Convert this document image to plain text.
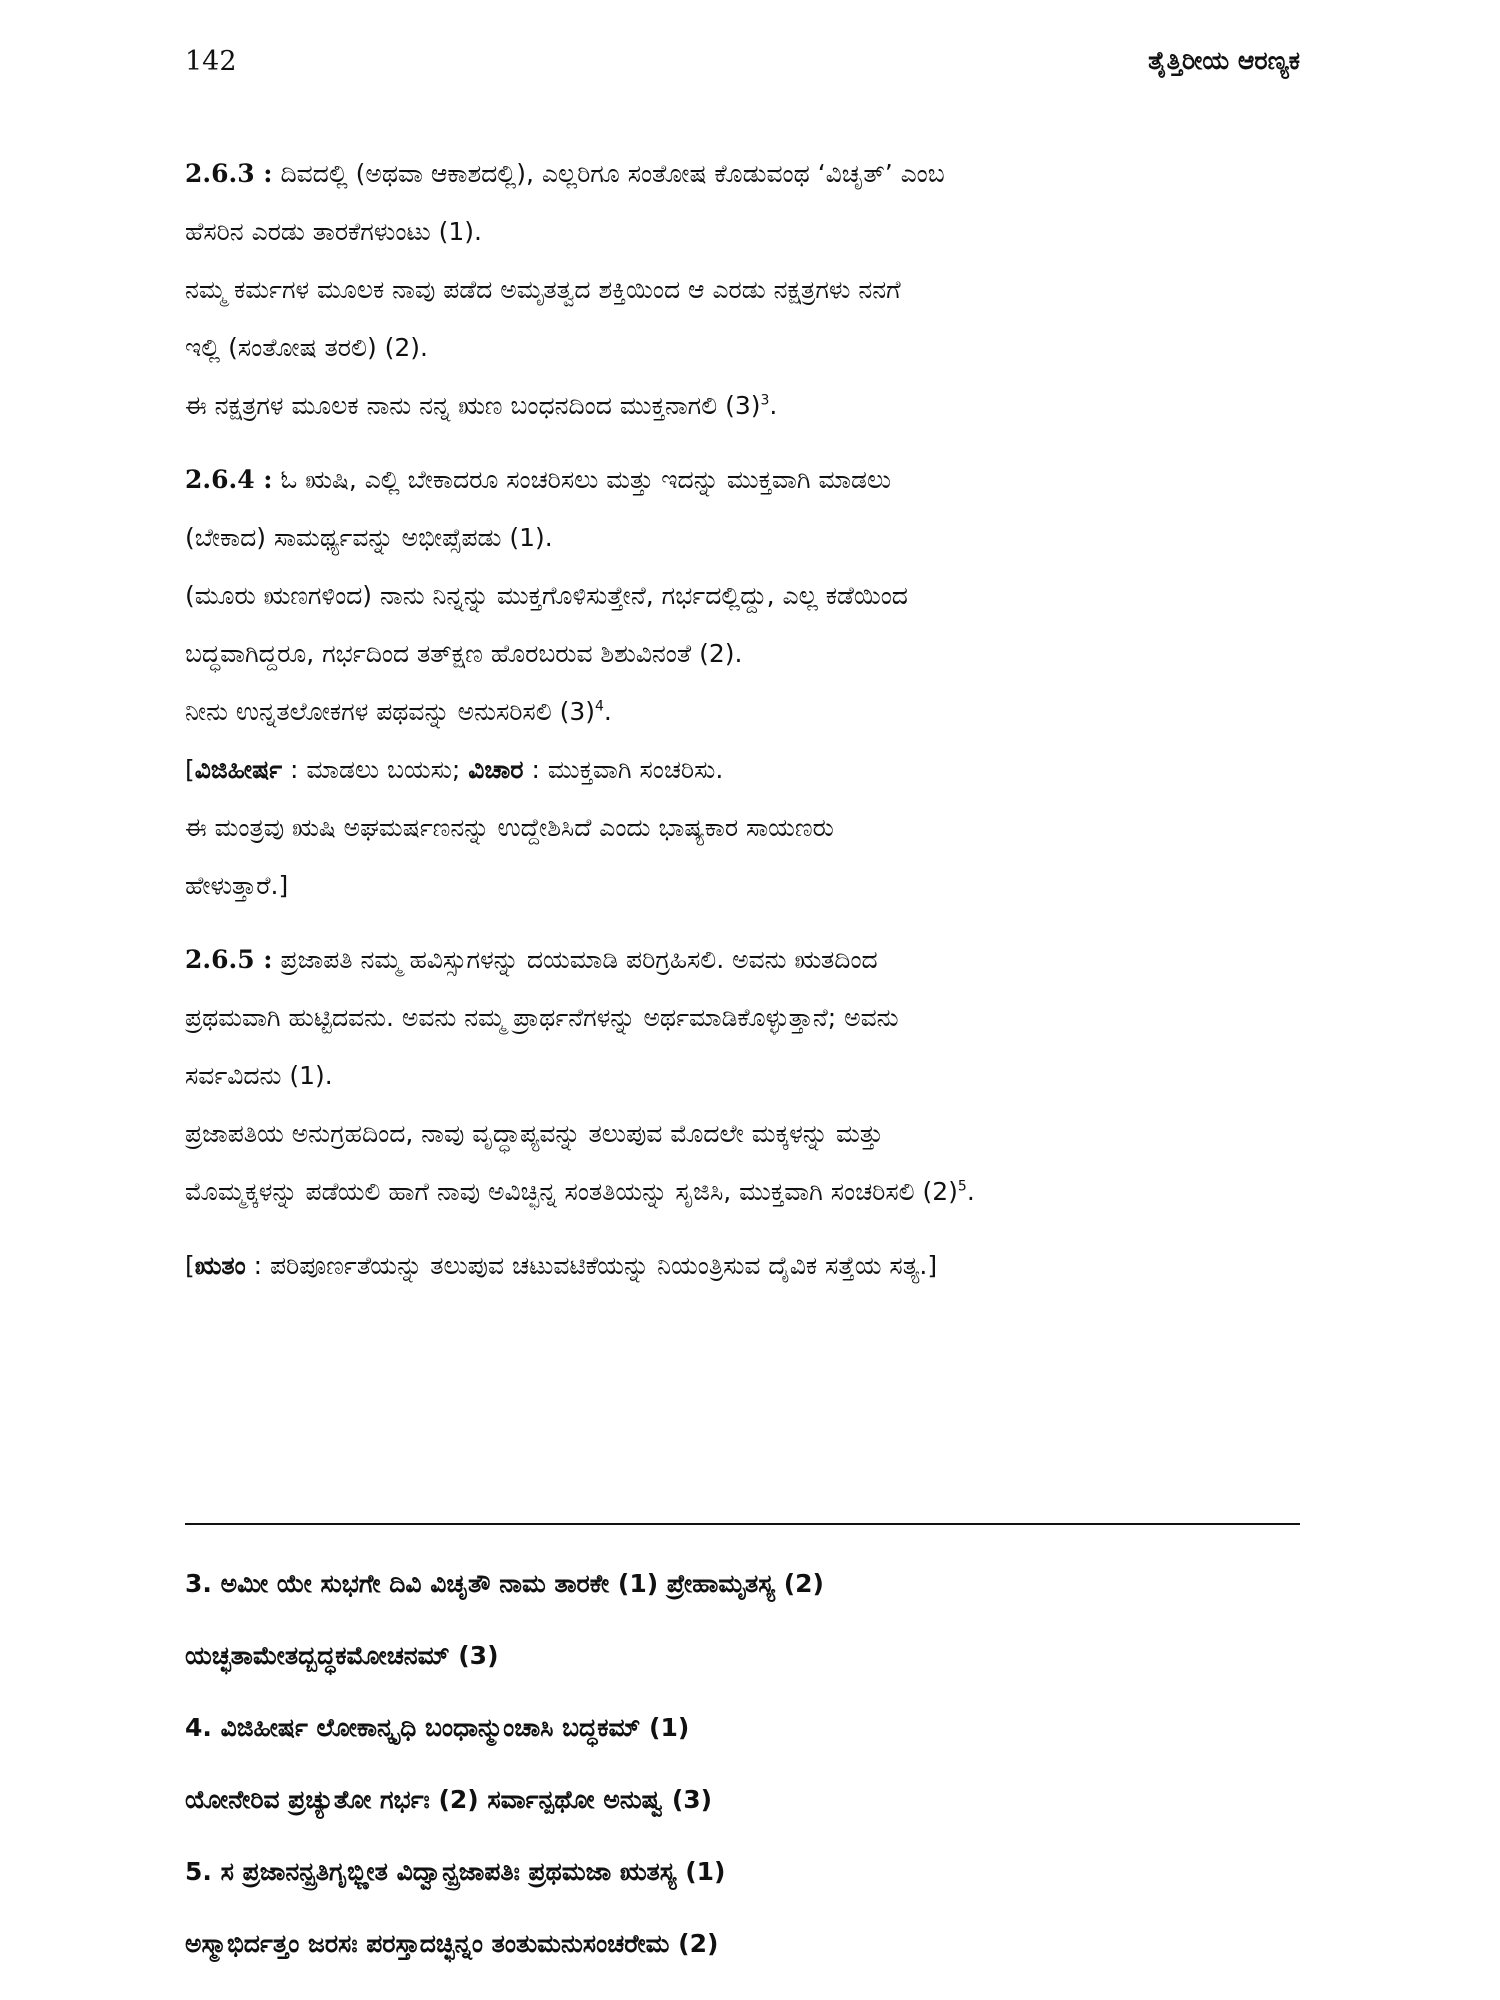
142	ತೈತ್ತಿರೀಯ ಆರಣ್ಯಕ
2.6.3 : ದಿವದಲ್ಲಿ (ಅಥವಾ ಆಕಾಶದಲ್ಲಿ), ಎಲ್ಲರಿಗೂ ಸಂತೋಷ ಕೊಡುವಂಥ ‘ವಿಚೃತ್’ ಎಂಬ
ಹೆಸರಿನ ಎರಡು ತಾರಕೆಗಳುಂಟು (1).
ನಮ್ಮ ಕರ್ಮಗಳ ಮೂಲಕ ನಾವು ಪಡೆದ ಅಮೃತತ್ವದ ಶಕ್ತಿಯಿಂದ ಆ ಎರಡು ನಕ್ಷತ್ರಗಳು ನನಗೆ
ಇಲ್ಲಿ (ಸಂತೋಷ ತರಲಿ) (2).
ಈ ನಕ್ಷತ್ರಗಳ ಮೂಲಕ ನಾನು ನನ್ನ ಋಣ ಬಂಧನದಿಂದ ಮುಕ್ತನಾಗಲಿ $(3)^3$.
2.6.4 : ಓ ಋಷಿ, ಎಲ್ಲಿ ಬೇಕಾದರೂ ಸಂಚರಿಸಲು ಮತ್ತು ಇದನ್ನು ಮುಕ್ತವಾಗಿ ಮಾಡಲು
(ಬೇಕಾದ) ಸಾಮರ್ಥ್ಯವನ್ನು ಅಭೀಪ್ಸೆಪಡು (1).
(ಮೂರು ಋಣಗಳಿಂದ) ನಾನು ನಿನ್ನನ್ನು ಮುಕ್ತಗೊಳಿಸುತ್ತೇನೆ, ಗರ್ಭದಲ್ಲಿದ್ದು, ಎಲ್ಲ ಕಡೆಯಿಂದ
ಬದ್ಧವಾಗಿದ್ದರೂ, ಗರ್ಭದಿಂದ ತತ್‌ಕ್ಷಣ ಹೊರಬರುವ ಶಿಶುವಿನಂತೆ (2).
ನೀನು ಉನ್ನತಲೋಕಗಳ ಪಥವನ್ನು ಅನುಸರಿಸಲಿ $(3)^4$.
[ವಿಜಿಹೀರ್ಷ : ಮಾಡಲು ಬಯಸು; ವಿಚಾರ : ಮುಕ್ತವಾಗಿ ಸಂಚರಿಸು.
ಈ ಮಂತ್ರವು ಋಷಿ ಅಘಮರ್ಷಣನನ್ನು ಉದ್ದೇಶಿಸಿದೆ ಎಂದು ಭಾಷ್ಯಕಾರ ಸಾಯಣರು
ಹೇಳುತ್ತಾರೆ.]
2.6.5 : ಪ್ರಜಾಪತಿ ನಮ್ಮ ಹವಿಸ್ಸುಗಳನ್ನು ದಯಮಾಡಿ ಪರಿಗ್ರಹಿಸಲಿ. ಅವನು ಋತದಿಂದ
ಪ್ರಥಮವಾಗಿ ಹುಟ್ಟಿದವನು. ಅವನು ನಮ್ಮ ಪ್ರಾರ್ಥನೆಗಳನ್ನು ಅರ್ಥಮಾಡಿಕೊಳ್ಳುತ್ತಾನೆ; ಅವನು
ಸರ್ವವಿದನು (1).
ಪ್ರಜಾಪತಿಯ ಅನುಗ್ರಹದಿಂದ, ನಾವು ವೃದ್ಧಾಪ್ಯವನ್ನು ತಲುಪುವ ಮೊದಲೇ ಮಕ್ಕಳನ್ನು ಮತ್ತು
ಮೊಮ್ಮಕ್ಕಳನ್ನು ಪಡೆಯಲಿ ಹಾಗೆ ನಾವು ಅವಿಚ್ಛಿನ್ನ ಸಂತತಿಯನ್ನು ಸೃಜಿಸಿ, ಮುಕ್ತವಾಗಿ ಸಂಚರಿಸಲಿ $(2)^5$.
[ಋತಂ : ಪರಿಪೂರ್ಣತೆಯನ್ನು ತಲುಪುವ ಚಟುವಟಿಕೆಯನ್ನು ನಿಯಂತ್ರಿಸುವ ದೈವಿಕ ಸತ್ತೆಯ ಸತ್ಯ.]
3. ಅಮೀ ಯೇ ಸುಭಗೇ ದಿವಿ ವಿಚೃತೌ ನಾಮ ತಾರಕೇ (1) ಪ್ರೇಹಾಮೃತಸ್ಯ (2)
ಯಚ್ಛತಾಮೇತದ್ಬದ್ಧಕಮೋಚನಮ್ (3)
4. ವಿಜಿಹೀರ್ಷ ಲೋಕಾನ್ಕೃಧಿ ಬಂಧಾನ್ಮುಂಚಾಸಿ ಬದ್ಧಕಮ್ (1)
ಯೋನೇರಿವ ಪ್ರಚ್ಯುತೋ ಗರ್ಭಃ (2) ಸರ್ವಾನ್ಪಥೋ ಅನುಷ್ವ (3)
5. ಸ ಪ್ರಜಾನನ್ಪ್ರತಿಗೃಭ್ಣೀತ ವಿದ್ವಾನ್ಪ್ರಜಾಪತಿಃ ಪ್ರಥಮಜಾ ಋತಸ್ಯ (1)
ಅಸ್ಮಾಭಿರ್ದತ್ತಂ ಜರಸಃ ಪರಸ್ತಾದಚ್ಛಿನ್ನಂ ತಂತುಮನುಸಂಚರೇಮ (2)
